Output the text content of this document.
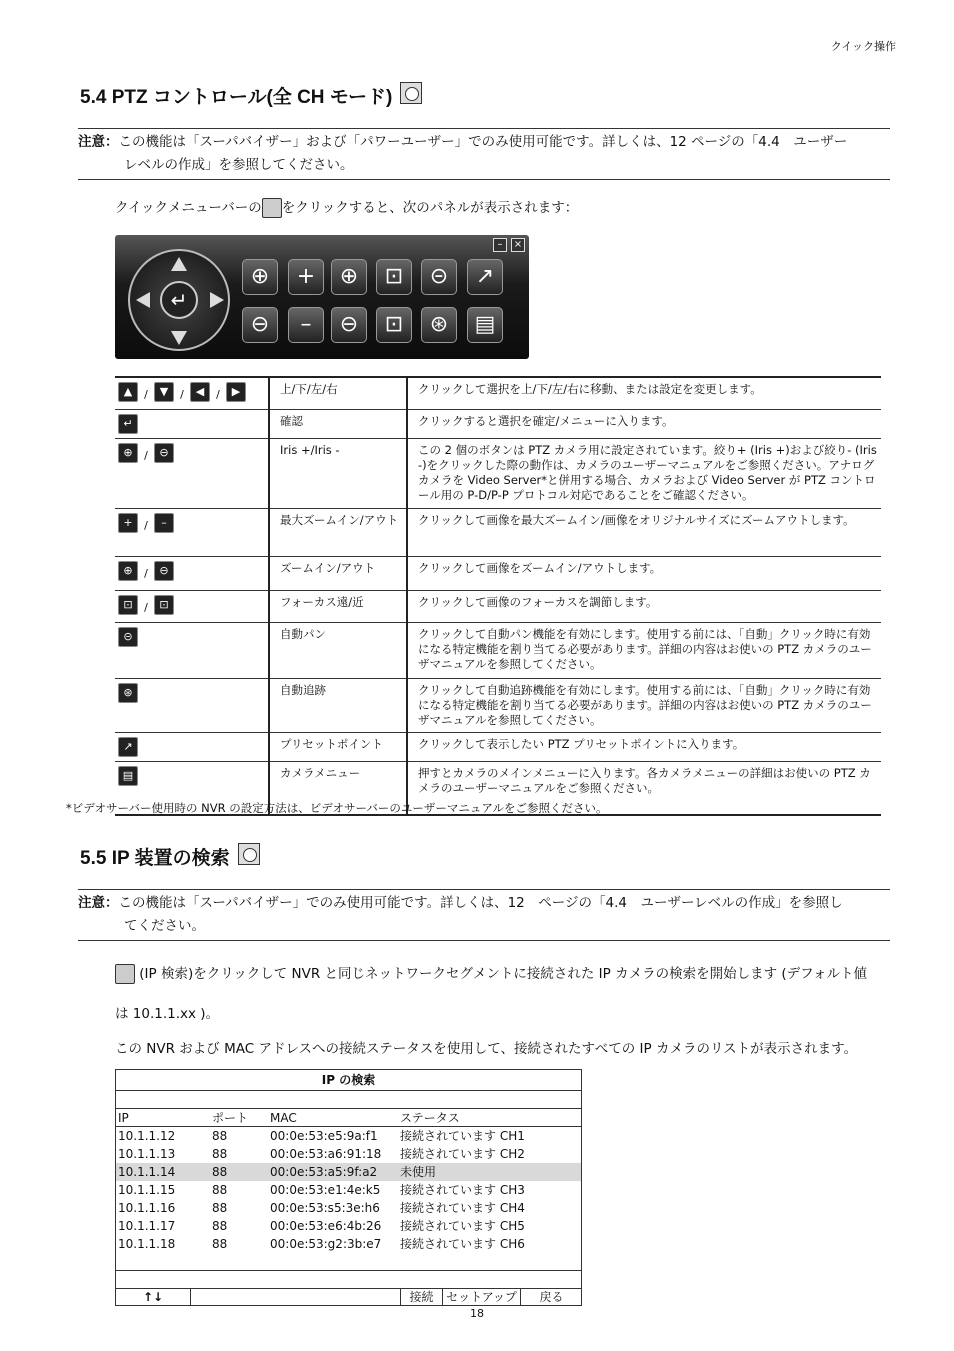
クイック操作
5.4 PTZ コントロール(全 CH モード)
注意：この機能は「スーパバイザー」および「パワーユーザー」でのみ使用可能です。詳しくは、12 ページの「4.4　ユーザー
レベルの作成」を参照してください。
クイックメニューバーの をクリックすると、次のパネルが表示されます：
–	×
↵
⊕	+	⊕	⊡	⊝	↗
⊖	–	⊖	⊡	⊛	▤
▲ / ▼ / ◀ / ▶	上/下/左/右	クリックして選択を上/下/左/右に移動、または設定を変更します。
↵	確認	クリックすると選択を確定/メニューに入ります。
⊕ / ⊖	Iris +/Iris -	この 2 個のボタンは PTZ カメラ用に設定されています。絞り+ (Iris +)および絞り- (Iris -)をクリックした際の動作は、カメラのユーザーマニュアルをご参照ください。アナログカメラを Video Server*と併用する場合、カメラおよび Video Server が PTZ コントロール用の P-D/P-P プロトコル対応であることをご確認ください。
+ / –	最大ズームイン/アウト	クリックして画像を最大ズームイン/画像をオリジナルサイズにズームアウトします。
⊕ / ⊖	ズームイン/アウト	クリックして画像をズームイン/アウトします。
⊡ / ⊡	フォーカス遠/近	クリックして画像のフォーカスを調節します。
⊝	自動パン	クリックして自動パン機能を有効にします。使用する前には、「自動」クリック時に有効になる特定機能を割り当てる必要があります。詳細の内容はお使いの PTZ カメラのユーザマニュアルを参照してください。
⊛	自動追跡	クリックして自動追跡機能を有効にします。使用する前には、「自動」クリック時に有効になる特定機能を割り当てる必要があります。詳細の内容はお使いの PTZ カメラのユーザマニュアルを参照してください。
↗	プリセットポイント	クリックして表示したい PTZ プリセットポイントに入ります。
▤	カメラメニュー	押すとカメラのメインメニューに入ります。各カメラメニューの詳細はお使いの PTZ カメラのユーザーマニュアルをご参照ください。
*ビデオサーバー使用時の NVR の設定方法は、ビデオサーバーのユーザーマニュアルをご参照ください。
5.5 IP 装置の検索
注意：この機能は「スーパバイザー」でのみ使用可能です。詳しくは、12　ページの「4.4　ユーザーレベルの作成」を参照し
てください。
(IP 検索)をクリックして NVR と同じネットワークセグメントに接続された IP カメラの検索を開始します (デフォルト値
は 10.1.1.xx )。
この NVR および MAC アドレスへの接続ステータスを使用して、接続されたすべての IP カメラのリストが表示されます。
IP の検索
IP	ポート MAC	ステータス
10.1.1.12	88	00:0e:53:e5:9a:f1 接続されています CH1
10.1.1.13	88	00:0e:53:a6:91:18 接続されています CH2
10.1.1.14	88	00:0e:53:a5:9f:a2 未使用
10.1.1.15	88	00:0e:53:e1:4e:k5 接続されています CH3
10.1.1.16	88	00:0e:53:s5:3e:h6 接続されています CH4
10.1.1.17	88	00:0e:53:e6:4b:26 接続されています CH5
10.1.1.18	88	00:0e:53:g2:3b:e7 接続されています CH6
↑↓	接続	セットアップ	戻る
18
